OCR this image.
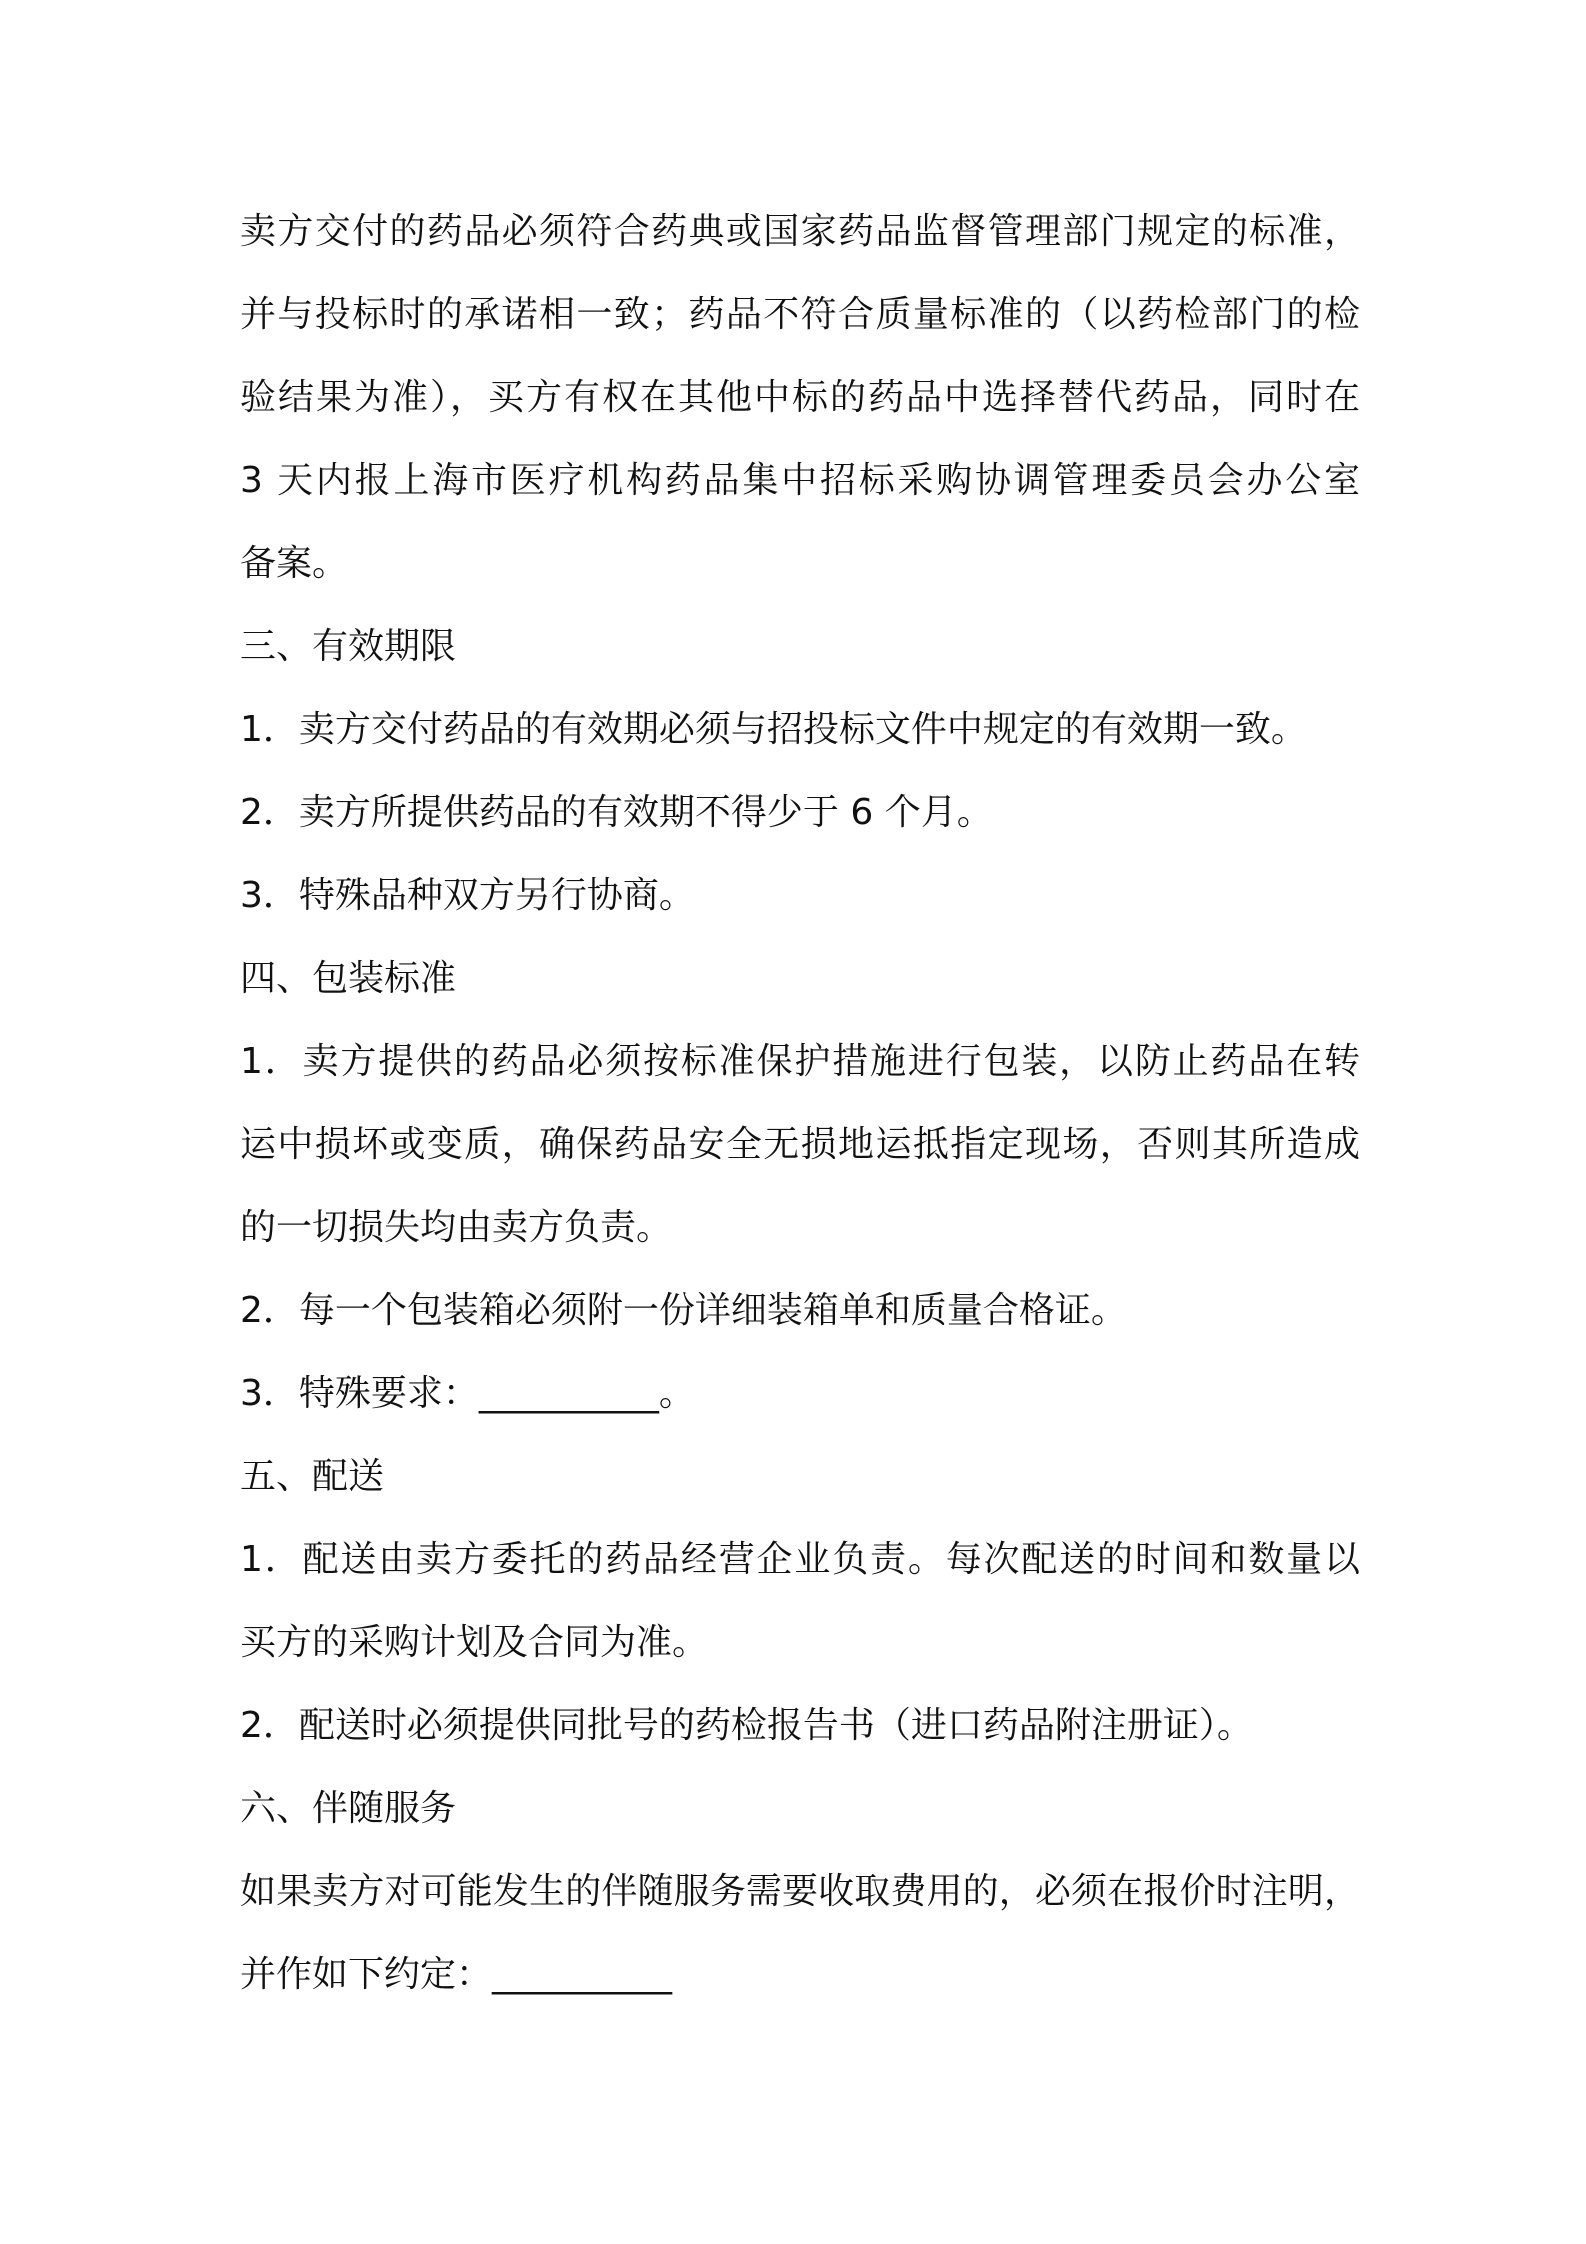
卖方交付的药品必须符合药典或国家药品监督管理部门规定的标准，
并与投标时的承诺相一致；药品不符合质量标准的（以药检部门的检
验结果为准），买方有权在其他中标的药品中选择替代药品，同时在
3 天内报上海市医疗机构药品集中招标采购协调管理委员会办公室
备案。
三、有效期限
1．卖方交付药品的有效期必须与招投标文件中规定的有效期一致。
2．卖方所提供药品的有效期不得少于 6 个月。
3．特殊品种双方另行协商。
四、包装标准
1．卖方提供的药品必须按标准保护措施进行包装，以防止药品在转
运中损坏或变质，确保药品安全无损地运抵指定现场，否则其所造成
的一切损失均由卖方负责。
2．每一个包装箱必须附一份详细装箱单和质量合格证。
3．特殊要求：__________。
五、配送
1．配送由卖方委托的药品经营企业负责。每次配送的时间和数量以
买方的采购计划及合同为准。
2．配送时必须提供同批号的药检报告书（进口药品附注册证）。
六、伴随服务
如果卖方对可能发生的伴随服务需要收取费用的，必须在报价时注明，
并作如下约定：__________
